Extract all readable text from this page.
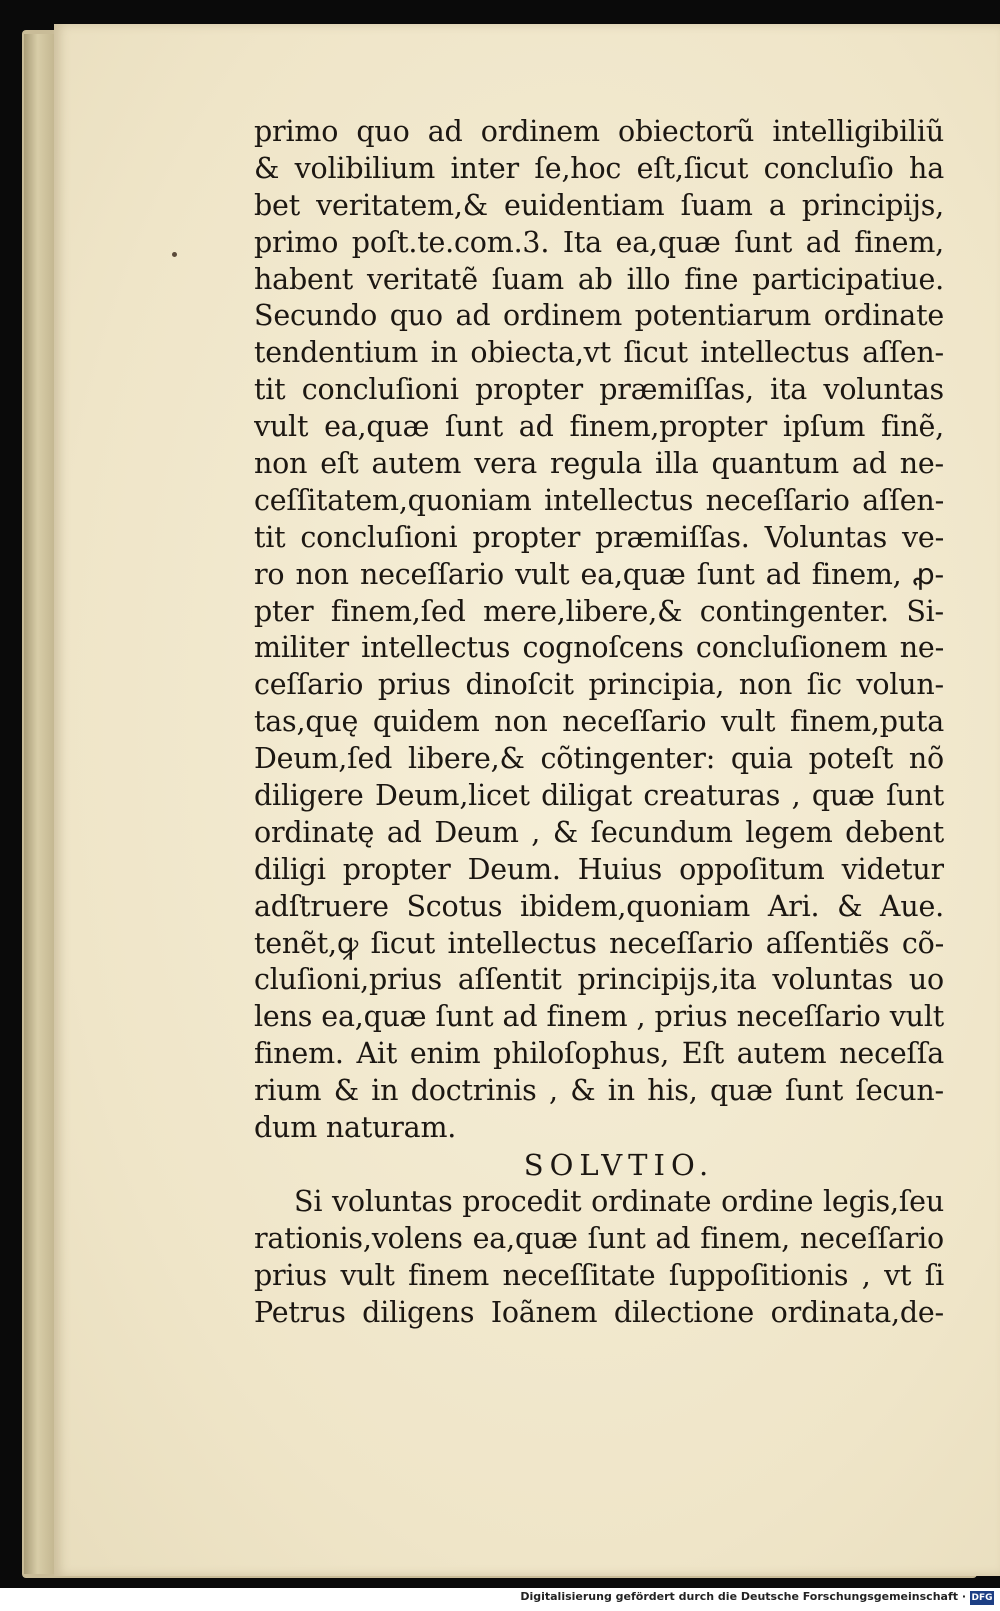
primo quo ad ordinem obiectorũ intelligibiliũ
& volibilium inter ſe,hoc eſt,ſicut concluſio ha
bet veritatem,& euidentiam ſuam a principijs,
primo poſt.te.com.3. Ita ea,quæ ſunt ad finem,
habent veritatẽ ſuam ab illo fine participatiue.
Secundo quo ad ordinem potentiarum ordinate
tendentium in obiecta,vt ſicut intellectus aſſen-
tit concluſioni propter præmiſſas, ita voluntas
vult ea,quæ ſunt ad finem,propter ipſum finẽ,
non eſt autem vera regula illa quantum ad ne-
ceſſitatem,quoniam intellectus neceſſario aſſen-
tit concluſioni propter præmiſſas. Voluntas ve-
ro non neceſſario vult ea,quæ ſunt ad finem, ꝓ-
pter finem,ſed mere,libere,& contingenter. Si-
militer intellectus cognoſcens concluſionem ne-
ceſſario prius dinoſcit principia, non ſic volun-
tas,quę quidem non neceſſario vult finem,puta
Deum,ſed libere,& cõtingenter: quia poteſt nõ
diligere Deum,licet diligat creaturas , quæ ſunt
ordinatę ad Deum , & ſecundum legem debent
diligi propter Deum. Huius oppoſitum videtur
adſtruere Scotus ibidem,quoniam Ari. & Aue.
tenẽt,ꝙ ſicut intellectus neceſſario aſſentiẽs cõ-
cluſioni,prius aſſentit principijs,ita voluntas uo
lens ea,quæ ſunt ad finem , prius neceſſario vult
finem. Ait enim philoſophus, Eſt autem neceſſa
rium & in doctrinis , & in his, quæ ſunt ſecun-
dum naturam.
SOLVTIO.
Si voluntas procedit ordinate ordine legis,ſeu
rationis,volens ea,quæ ſunt ad finem, neceſſario
prius vult finem neceſſitate ſuppoſitionis , vt ſi
Petrus diligens Ioãnem dilectione ordinata,de-
Digitalisierung gefördert durch die Deutsche Forschungsgemeinschaft · DFG
